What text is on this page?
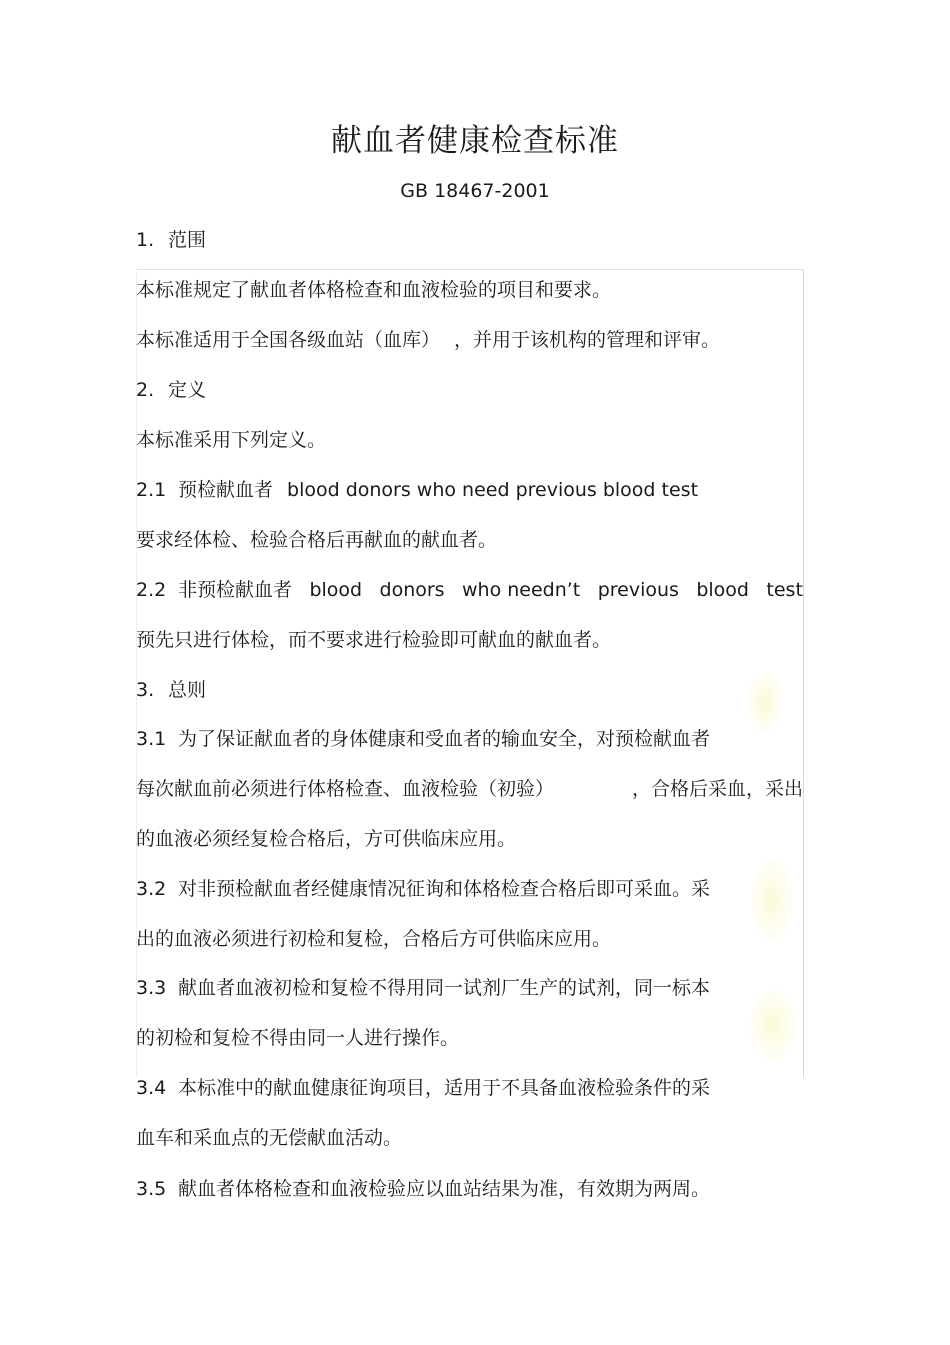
献血者健康检查标准
GB 18467-2001
1. 范围
本标准规定了献血者体格检查和血液检验的项目和要求。
本标准适用于全国各级血站（血库） ，并用于该机构的管理和评审。
2. 定义
本标准采用下列定义。
2.1 预检献血者 blood donors who need previous blood test
要求经体检、检验合格后再献血的献血者。
2.2 非预检献血者 blood donors who needn’t previous blood test
预先只进行体检，而不要求进行检验即可献血的献血者。
3. 总则
3.1 为了保证献血者的身体健康和受血者的输血安全，对预检献血者
每次献血前必须进行体格检查、血液检验（初验）	，合格后采血，采出
的血液必须经复检合格后，方可供临床应用。
3.2 对非预检献血者经健康情况征询和体格检查合格后即可采血。采
出的血液必须进行初检和复检，合格后方可供临床应用。
3.3 献血者血液初检和复检不得用同一试剂厂生产的试剂，同一标本
的初检和复检不得由同一人进行操作。
3.4 本标准中的献血健康征询项目，适用于不具备血液检验条件的采
血车和采血点的无偿献血活动。
3.5 献血者体格检查和血液检验应以血站结果为准，有效期为两周。
